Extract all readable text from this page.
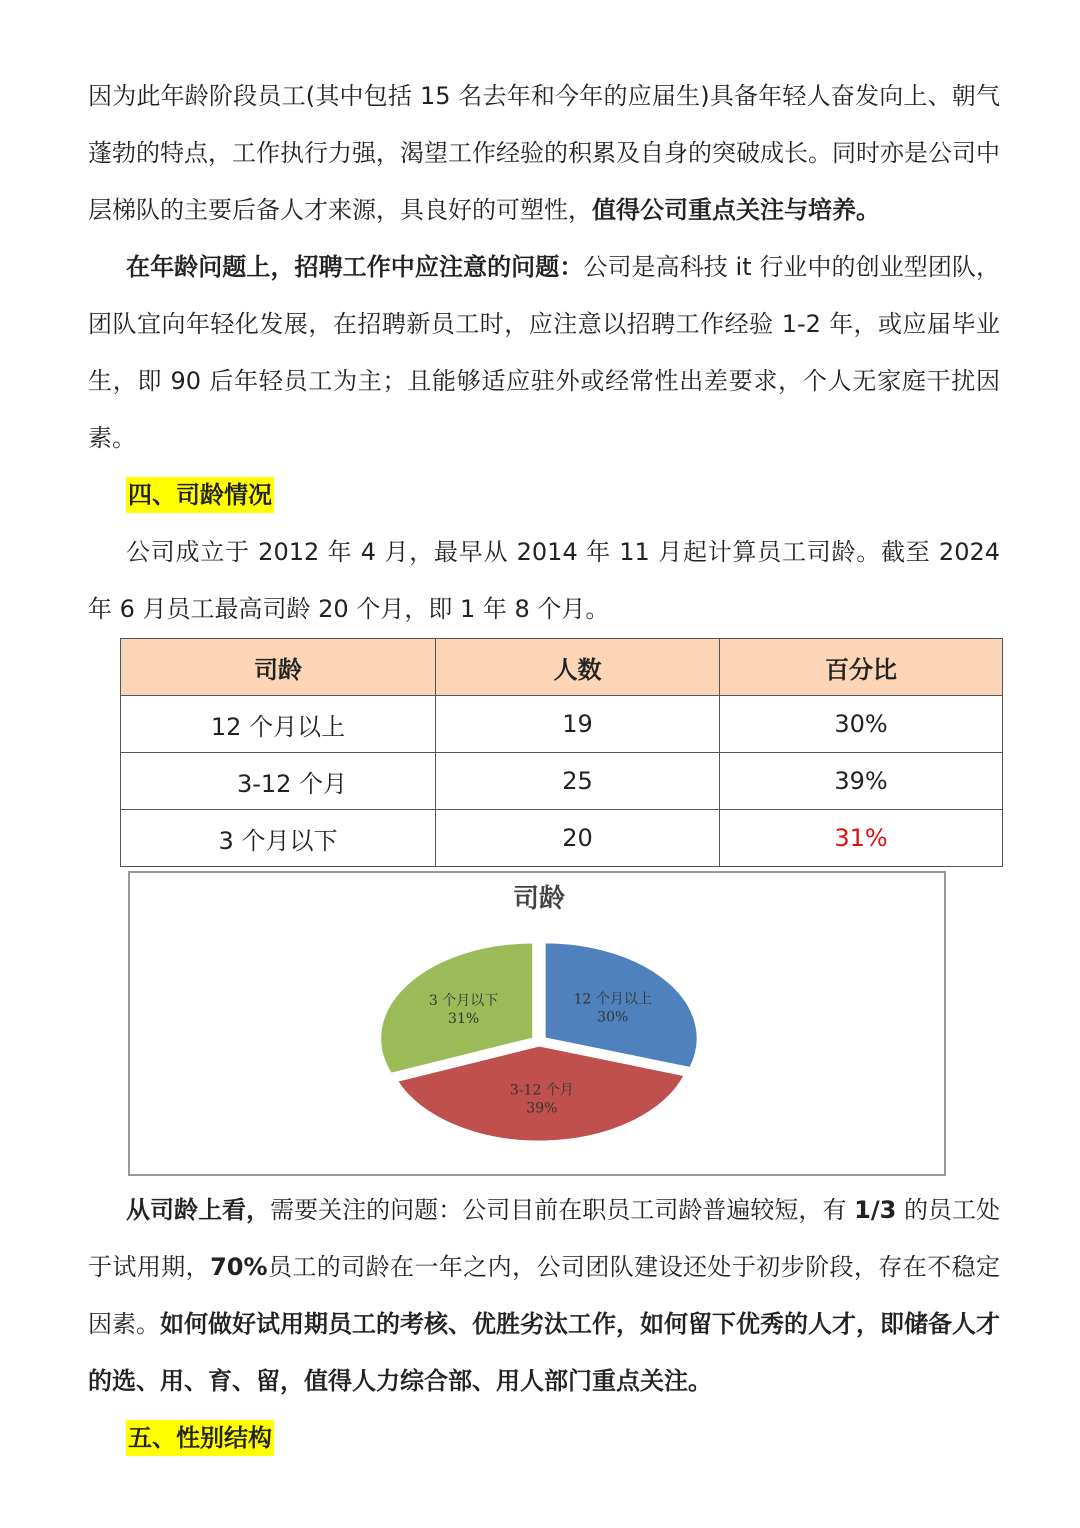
因为此年龄阶段员工(其中包括 15 名去年和今年的应届生)具备年轻人奋发向上、朝气蓬勃的特点，工作执行力强，渴望工作经验的积累及自身的突破成长。同时亦是公司中层梯队的主要后备人才来源，具良好的可塑性，值得公司重点关注与培养。

在年龄问题上，招聘工作中应注意的问题：公司是高科技 it 行业中的创业型团队，团队宜向年轻化发展，在招聘新员工时，应注意以招聘工作经验 1-2 年，或应届毕业生，即 90 后年轻员工为主；且能够适应驻外或经常性出差要求，个人无家庭干扰因素。

四、司龄情况

公司成立于 2012 年 4 月，最早从 2014 年 11 月起计算员工司龄。截至 2024 年 6 月员工最高司龄 20 个月，即 1 年 8 个月。

司龄	人数	百分比
12 个月以上	19	30%
3-12 个月	25	39%
3 个月以下	20	31%
司龄
12 个月以上
30%
3-12 个月
39%
3 个月以下
31%

从司龄上看，需要关注的问题：公司目前在职员工司龄普遍较短，有 1/3 的员工处于试用期，70%员工的司龄在一年之内，公司团队建设还处于初步阶段，存在不稳定因素。如何做好试用期员工的考核、优胜劣汰工作，如何留下优秀的人才，即储备人才的选、用、育、留，值得人力综合部、用人部门重点关注。

五、性别结构
